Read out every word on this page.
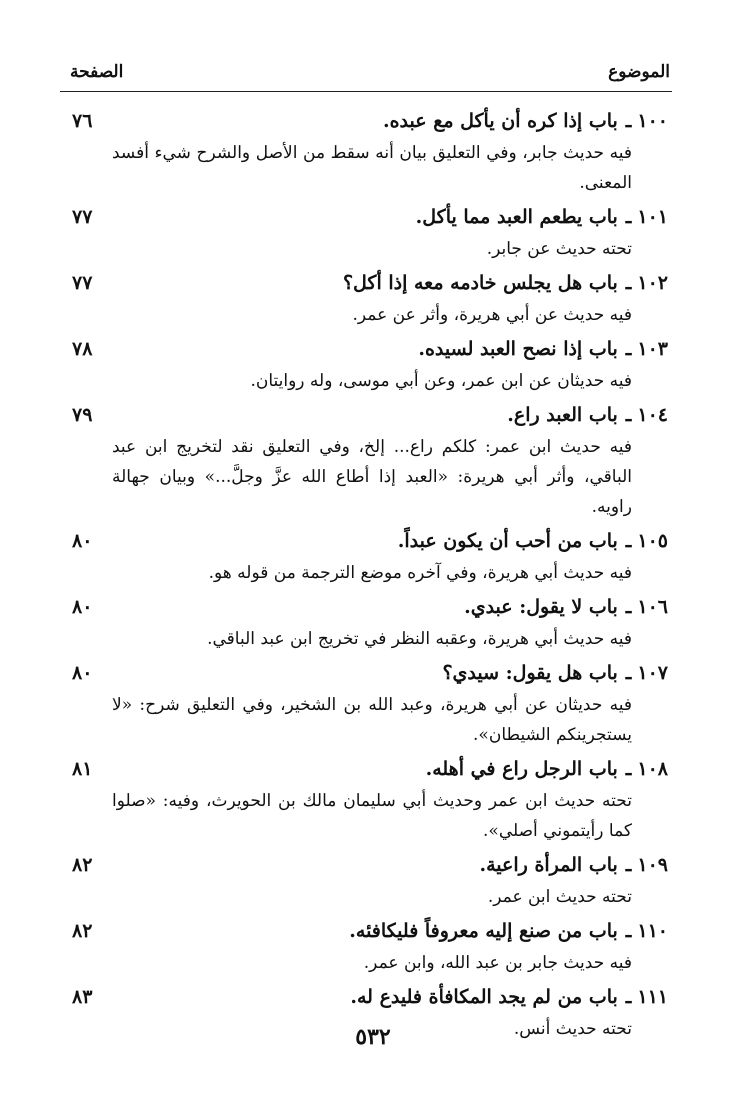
الموضوع
الصفحة
١٠٠ـباب إذا كره أن يأكل مع عبده.
٧٦
فيه حديث جابر، وفي التعليق بيان أنه سقط من الأصل والشرح شيء أفسد المعنى.
١٠١ـباب يطعم العبد مما يأكل.
٧٧
تحته حديث عن جابر.
١٠٢ـباب هل يجلس خادمه معه إذا أكل؟
٧٧
فيه حديث عن أبي هريرة، وأثر عن عمر.
١٠٣ـباب إذا نصح العبد لسيده.
٧٨
فيه حديثان عن ابن عمر، وعن أبي موسى، وله روايتان.
١٠٤ـباب العبد راع.
٧٩
فيه حديث ابن عمر: كلكم راع... إلخ، وفي التعليق نقد لتخريج ابن عبد الباقي، وأثر أبي هريرة: «العبد إذا أطاع الله عزَّ وجلَّ...» وبيان جهالة راويه.
١٠٥ـباب من أحب أن يكون عبداً.
٨٠
فيه حديث أبي هريرة، وفي آخره موضع الترجمة من قوله هو.
١٠٦ـباب لا يقول: عبدي.
٨٠
فيه حديث أبي هريرة، وعقبه النظر في تخريج ابن عبد الباقي.
١٠٧ـباب هل يقول: سيدي؟
٨٠
فيه حديثان عن أبي هريرة، وعبد الله بن الشخير، وفي التعليق شرح: «لا يستجرينكم الشيطان».
١٠٨ـباب الرجل راع في أهله.
٨١
تحته حديث ابن عمر وحديث أبي سليمان مالك بن الحويرث، وفيه: «صلوا كما رأيتموني أصلي».
١٠٩ـباب المرأة راعية.
٨٢
تحته حديث ابن عمر.
١١٠ـباب من صنع إليه معروفاً فليكافئه.
٨٢
فيه حديث جابر بن عبد الله، وابن عمر.
١١١ـباب من لم يجد المكافأة فليدع له.
٨٣
تحته حديث أنس.
٥٣٢
